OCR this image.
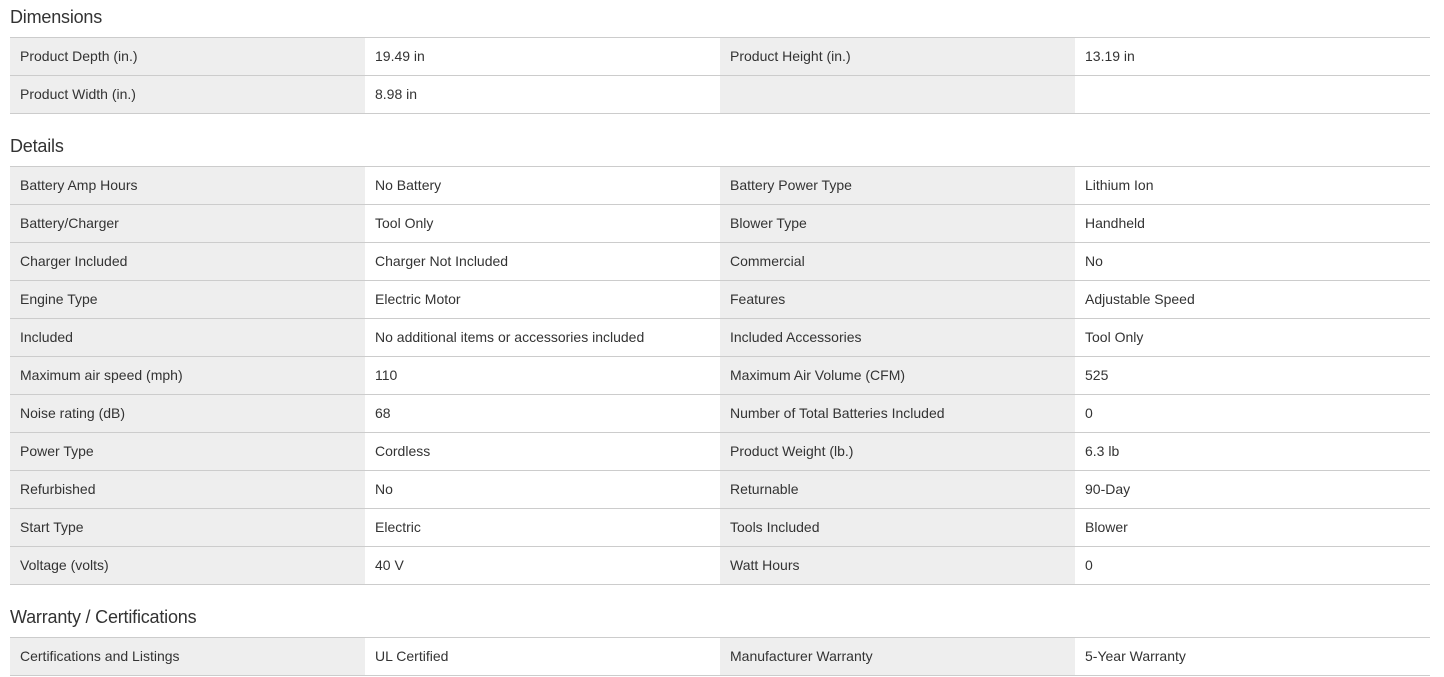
Dimensions
Product Depth (in.)	19.49 in	Product Height (in.)	13.19 in
Product Width (in.)	8.98 in
Details
Battery Amp Hours	No Battery	Battery Power Type	Lithium Ion
Battery/Charger	Tool Only	Blower Type	Handheld
Charger Included	Charger Not Included	Commercial	No
Engine Type	Electric Motor	Features	Adjustable Speed
Included	No additional items or accessories included	Included Accessories	Tool Only
Maximum air speed (mph)	110	Maximum Air Volume (CFM)	525
Noise rating (dB)	68	Number of Total Batteries Included	0
Power Type	Cordless	Product Weight (lb.)	6.3 lb
Refurbished	No	Returnable	90-Day
Start Type	Electric	Tools Included	Blower
Voltage (volts)	40 V	Watt Hours	0
Warranty / Certifications
Certifications and Listings	UL Certified	Manufacturer Warranty	5-Year Warranty
